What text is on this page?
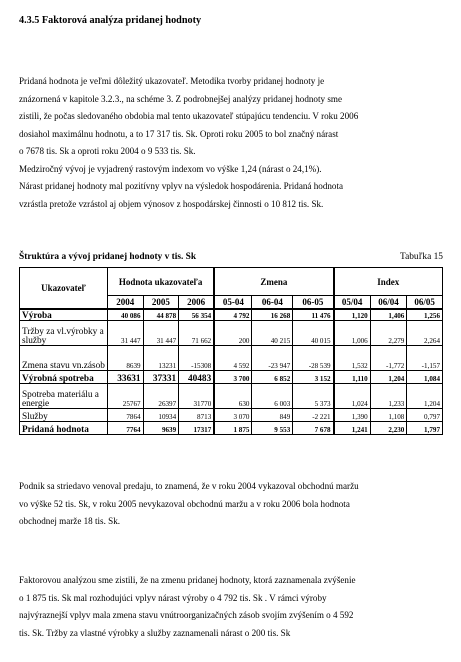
4.3.5 Faktorová analýza pridanej hodnoty

Pridaná hodnota je veľmi dôležitý ukazovateľ. Metodika tvorby pridanej hodnoty je

znázornená v kapitole 3.2.3., na schéme 3. Z podrobnejšej analýzy pridanej hodnoty sme

zistili, že počas sledovaného obdobia mal tento ukazovateľ stúpajúcu tendenciu. V roku 2006

dosiahol maximálnu hodnotu, a to 17 317 tis. Sk. Oproti roku 2005 to bol značný nárast

o 7678 tis. Sk a oproti roku 2004 o 9 533 tis. Sk.

Medziročný vývoj je vyjadrený rastovým indexom vo výške 1,24 (nárast o 24,1%).

Nárast pridanej hodnoty mal pozitívny vplyv na výsledok hospodárenia. Pridaná hodnota

vzrástla pretože vzrástol aj objem výnosov z hospodárskej činnosti o 10 812 tis. Sk.

Štruktúra a vývoj pridanej hodnoty v tis. Sk	Tabuľka 15
Ukazovateľ	Hodnota ukazovateľa			Zmena			Index		
	2004	2005	2006	05-04	06-04	06-05	05/04	06/04	06/05
Výroba	40 086	44 878	56 354	4 792	16 268	11 476	1,120	1,406	1,256
Tržby za vl.výrobky a služby	31 447	31 447	71 662	200	40 215	40 015	1,006	2,279	2,264
Zmena stavu vn.zásob	8639	13231	-15308	4 592	-23 947	-28 539	1,532	-1,772	-1,157
Výrobná spotreba	33631	37331	40483	3 700	6 852	3 152	1,110	1,204	1,084
Spotreba materiálu a energie	25767	26397	31770	630	6 003	5 373	1,024	1,233	1,204
Služby	7864	10934	8713	3 070	849	-2 221	1,390	1,108	0,797
Pridaná hodnota	7764	9639	17317	1 875	9 553	7 678	1,241	2,230	1,797

Podnik sa striedavo venoval predaju, to znamená, že v roku 2004 vykazoval obchodnú maržu

vo výške 52 tis. Sk, v roku 2005 nevykazoval obchodnú maržu a v roku 2006 bola hodnota

obchodnej marže 18 tis. Sk.

Faktorovou analýzou sme zistili, že na zmenu pridanej hodnoty, ktorá zaznamenala zvýšenie

o 1 875 tis. Sk mal rozhodujúci vplyv nárast výroby o 4 792 tis. Sk . V rámci výroby

najvýraznejší vplyv mala zmena stavu vnútroorganizačných zásob svojím zvýšením o 4 592

tis. Sk. Tržby za vlastné výrobky a služby zaznamenali nárast o 200 tis. Sk
